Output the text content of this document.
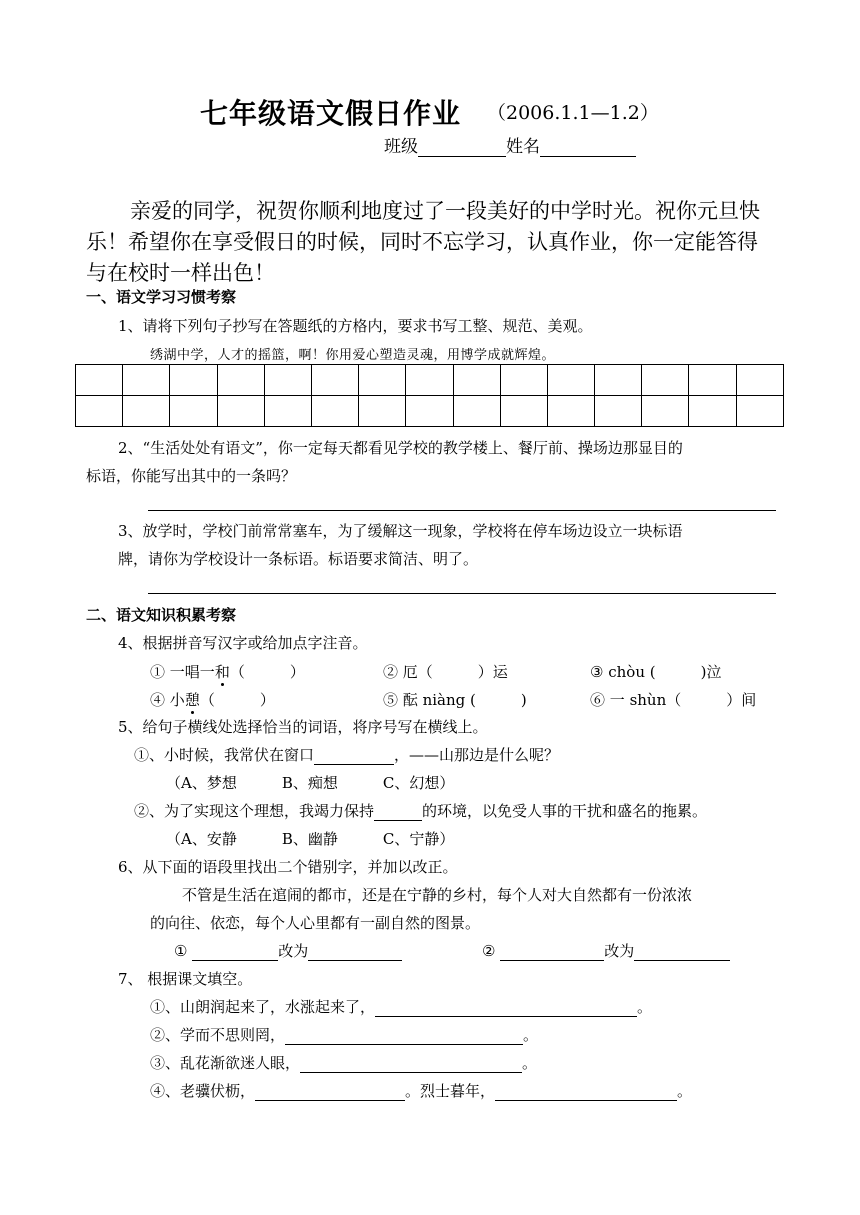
七年级语文假日作业 （2006.1.1—1.2）
班级	姓名
亲爱的同学，祝贺你顺利地度过了一段美好的中学时光。祝你元旦快乐！希望你在享受假日的时候，同时不忘学习，认真作业，你一定能答得与在校时一样出色！
一、语文学习习惯考察
1、请将下列句子抄写在答题纸的方格内，要求书写工整、规范、美观。
绣湖中学，人才的摇篮，啊！你用爱心塑造灵魂，用博学成就辉煌。

2、“生活处处有语文”，你一定每天都看见学校的教学楼上、餐厅前、操场边那显目的
标语，你能写出其中的一条吗？
3、放学时，学校门前常常塞车，为了缓解这一现象，学校将在停车场边设立一块标语
牌，请你为学校设计一条标语。标语要求简洁、明了。
二、语文知识积累考察
4、根据拼音写汉字或给加点字注音。
① 一唱一和（　　　）	② 厄（　　　）运	③ chòu (　　　)泣
④ 小憩（　　　）	⑤ 酝 niàng (　　　)	⑥ 一 shùn（　　　）间
5、给句子横线处选择恰当的词语，将序号写在横线上。
①、小时候，我常伏在窗口	，——山那边是什么呢？
（A、梦想　　　B、痴想　　　C、幻想）
②、为了实现这个理想，我竭力保持	的环境，以免受人事的干扰和盛名的拖累。
（A、安静　　　B、幽静　　　C、宁静）
6、从下面的语段里找出二个错别字，并加以改正。
不管是生活在逭闹的都市，还是在宁静的乡村，每个人对大自然都有一份浓浓
的向往、依恋，每个人心里都有一副自然的图景。
①	改为	②	改为
7、 根据课文填空。
①、山朗润起来了，水涨起来了，	。
②、学而不思则罔，	。
③、乱花渐欲迷人眼，	。
④、老骥伏枥，	。烈士暮年，	。
